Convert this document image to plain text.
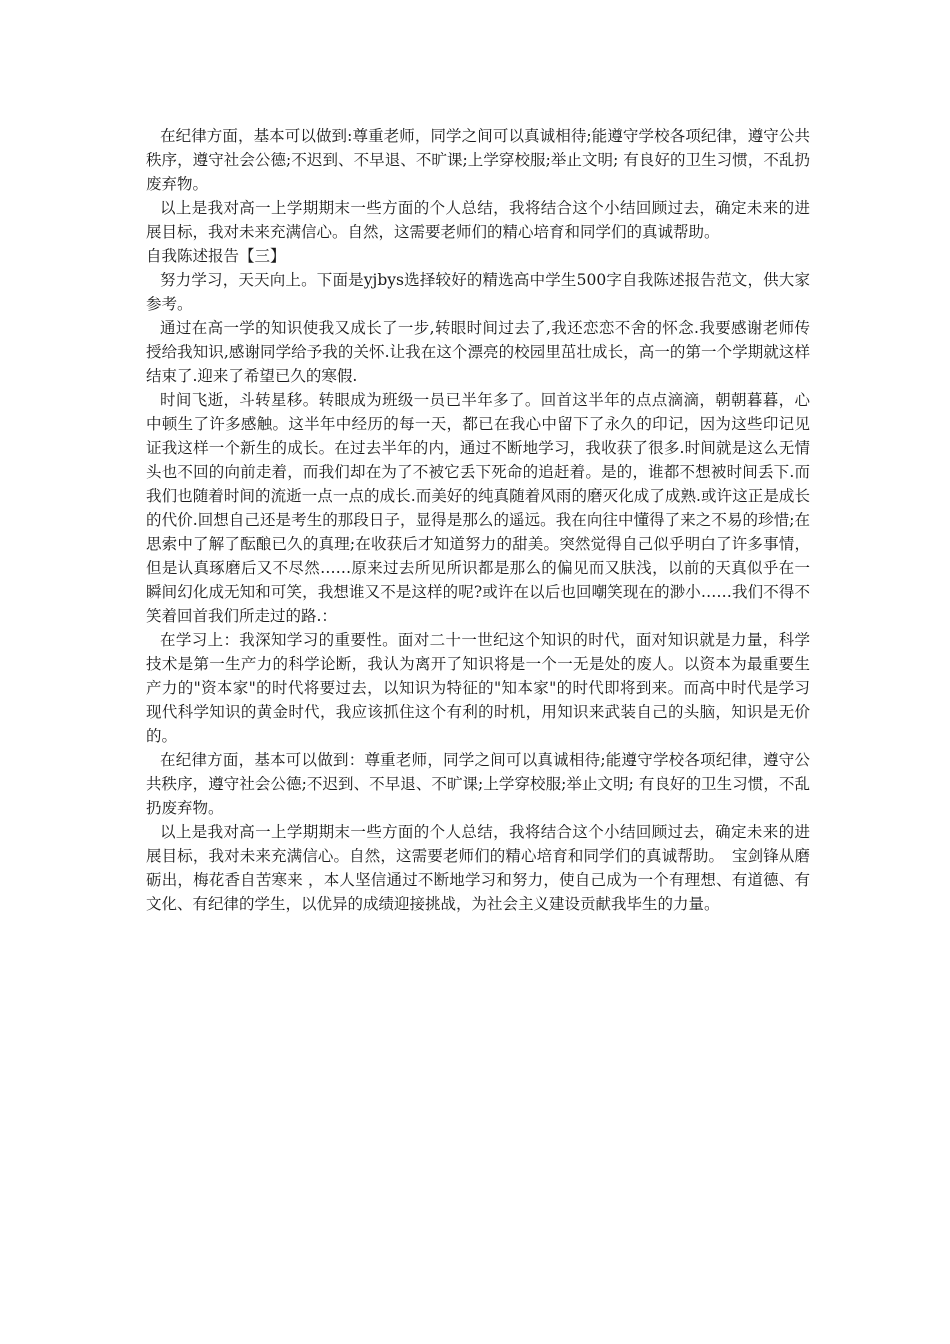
在纪律方面，基本可以做到:尊重老师，同学之间可以真诚相待;能遵守学校各项纪律，遵守公共秩序，遵守社会公德;不迟到、不早退、不旷课;上学穿校服;举止文明; 有良好的卫生习惯，不乱扔废弃物。

以上是我对高一上学期期末一些方面的个人总结，我将结合这个小结回顾过去，确定未来的进展目标，我对未来充满信心。自然，这需要老师们的精心培育和同学们的真诚帮助。

自我陈述报告【三】

努力学习，天天向上。下面是yjbys选择较好的精选高中学生500字自我陈述报告范文，供大家参考。

通过在高一学的知识使我又成长了一步,转眼时间过去了,我还恋恋不舍的怀念.我要感谢老师传授给我知识,感谢同学给予我的关怀.让我在这个漂亮的校园里茁壮成长，高一的第一个学期就这样结束了.迎来了希望已久的寒假.

时间飞逝，斗转星移。转眼成为班级一员已半年多了。回首这半年的点点滴滴，朝朝暮暮，心中顿生了许多感触。这半年中经历的每一天，都已在我心中留下了永久的印记，因为这些印记见证我这样一个新生的成长。在过去半年的内，通过不断地学习，我收获了很多.时间就是这么无情头也不回的向前走着，而我们却在为了不被它丢下死命的追赶着。是的，谁都不想被时间丢下.而我们也随着时间的流逝一点一点的成长.而美好的纯真随着风雨的磨灭化成了成熟.或许这正是成长的代价.回想自己还是考生的那段日子，显得是那么的遥远。我在向往中懂得了来之不易的珍惜;在思索中了解了酝酿已久的真理;在收获后才知道努力的甜美。突然觉得自己似乎明白了许多事情，但是认真琢磨后又不尽然……原来过去所见所识都是那么的偏见而又肤浅，以前的天真似乎在一瞬间幻化成无知和可笑，我想谁又不是这样的呢?或许在以后也回嘲笑现在的渺小……我们不得不笑着回首我们所走过的路.：

在学习上：我深知学习的重要性。面对二十一世纪这个知识的时代，面对知识就是力量，科学技术是第一生产力的科学论断，我认为离开了知识将是一个一无是处的废人。以资本为最重要生产力的"资本家"的时代将要过去，以知识为特征的"知本家"的时代即将到来。而高中时代是学习现代科学知识的黄金时代，我应该抓住这个有利的时机，用知识来武装自己的头脑，知识是无价的。

在纪律方面，基本可以做到：尊重老师，同学之间可以真诚相待;能遵守学校各项纪律，遵守公共秩序，遵守社会公德;不迟到、不早退、不旷课;上学穿校服;举止文明; 有良好的卫生习惯，不乱扔废弃物。

以上是我对高一上学期期末一些方面的个人总结，我将结合这个小结回顾过去，确定未来的进展目标，我对未来充满信心。自然，这需要老师们的精心培育和同学们的真诚帮助。　宝剑锋从磨砺出，梅花香自苦寒来 ，本人坚信通过不断地学习和努力，使自己成为一个有理想、有道德、有文化、有纪律的学生，以优异的成绩迎接挑战，为社会主义建设贡献我毕生的力量。
